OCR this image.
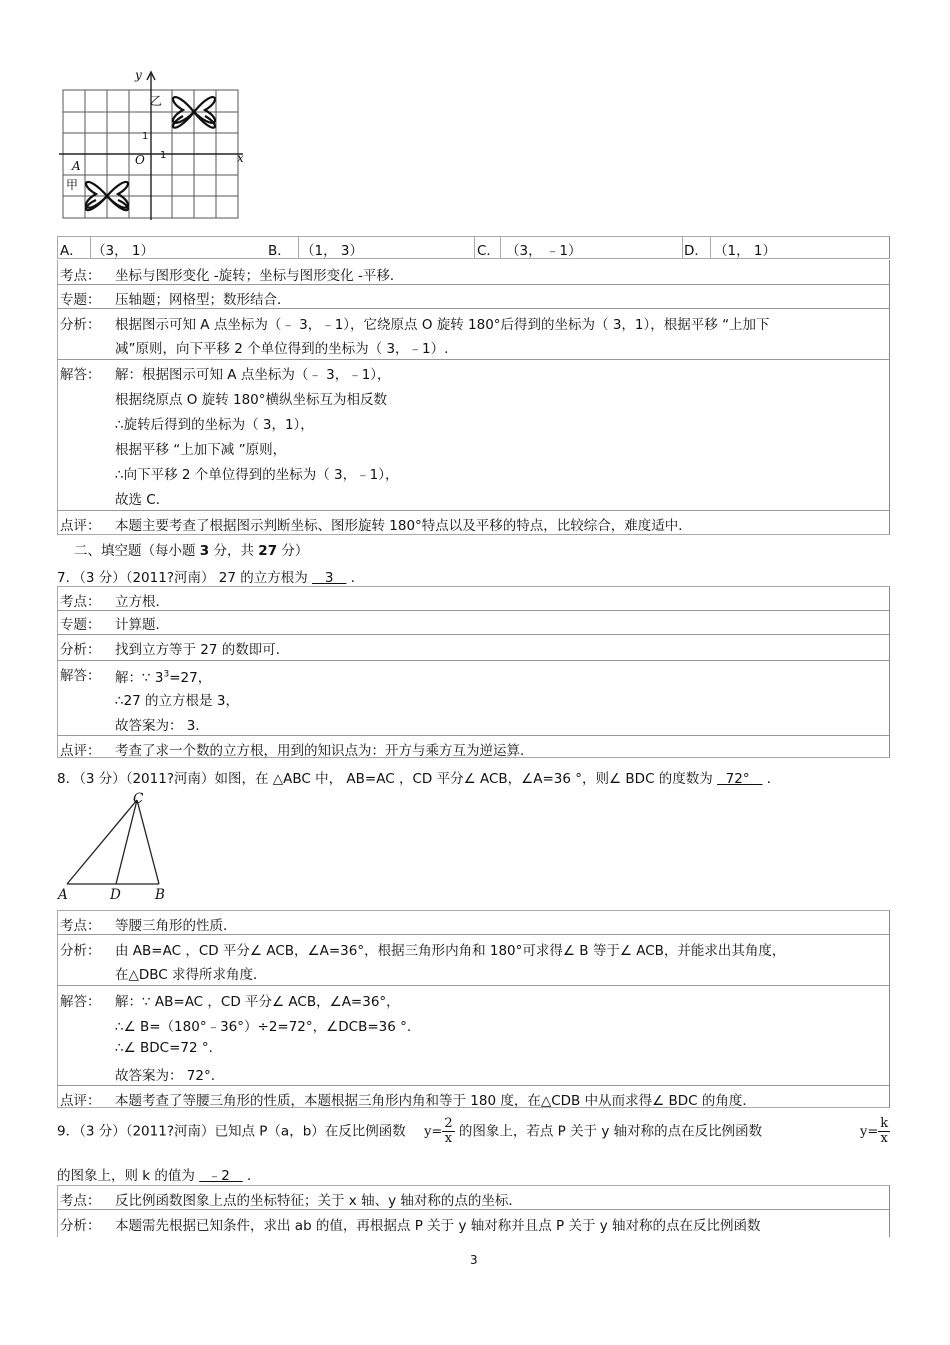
y
x
O 1
1
A
甲
乙
A． （3， 1）	B． （1， 3）	C． （3， ﹣1）	D． （1， 1）
考点： 坐标与图形变化 -旋转；坐标与图形变化 -平移．
专题： 压轴题；网格型；数形结合．
分析： 根据图示可知 A 点坐标为（﹣ 3，﹣1），它绕原点 O 旋转 180°后得到的坐标为（ 3，1），根据平移 “上加下
减”原则，向下平移 2 个单位得到的坐标为（ 3，﹣1）.
解答： 解：根据图示可知 A 点坐标为（﹣ 3，﹣1），
根据绕原点 O 旋转 180°横纵坐标互为相反数
∴旋转后得到的坐标为（ 3，1），
根据平移 “上加下减 ”原则，
∴向下平移 2 个单位得到的坐标为（ 3，﹣1），
故选 C．
点评： 本题主要考查了根据图示判断坐标、图形旋转 180°特点以及平移的特点，比较综合，难度适中．
二、填空题（每小题 3 分，共 27 分）
7．（3 分）（2011?河南） 27 的立方根为    3    ．
考点： 立方根．
专题： 计算题．
分析： 找到立方等于 27 的数即可．
解答： 解：∵ $3^3=27$，
∴27 的立方根是 3，
故答案为： 3．
点评： 考查了求一个数的立方根，用到的知识点为：开方与乘方互为逆运算．
8．（3 分）（2011?河南）如图，在 △ABC 中， AB=AC ，CD 平分∠ ACB，∠A=36 °，则∠ BDC 的度数为   72°    ．
C
A	D	B
考点： 等腰三角形的性质．
分析： 由 AB=AC ，CD 平分∠ ACB，∠A=36°，根据三角形内角和 180°可求得∠ B 等于∠ ACB，并能求出其角度，
在△DBC 求得所求角度．
解答： 解：∵ AB=AC ，CD 平分∠ ACB，∠A=36°，
∴∠ B=（180°﹣36°）÷2=72°，∠DCB=36 °.
∴∠ BDC=72 °.
故答案为： 72°.
点评： 本题考查了等腰三角形的性质，本题根据三角形内角和等于 180 度，在△CDB 中从而求得∠ BDC 的角度．
9．（3 分）（2011?河南）已知点 P（a，b）在反比例函数 $y= \frac{2}{x}$ 的图象上，若点 P 关于 y 轴对称的点在反比例函数	$y= \frac{k}{x}$
的图象上，则 k 的值为   ﹣2    ．
考点： 反比例函数图象上点的坐标特征；关于 x 轴、y 轴对称的点的坐标．
分析： 本题需先根据已知条件，求出 ab 的值，再根据点 P 关于 y 轴对称并且点 P 关于 y 轴对称的点在反比例函数
3
